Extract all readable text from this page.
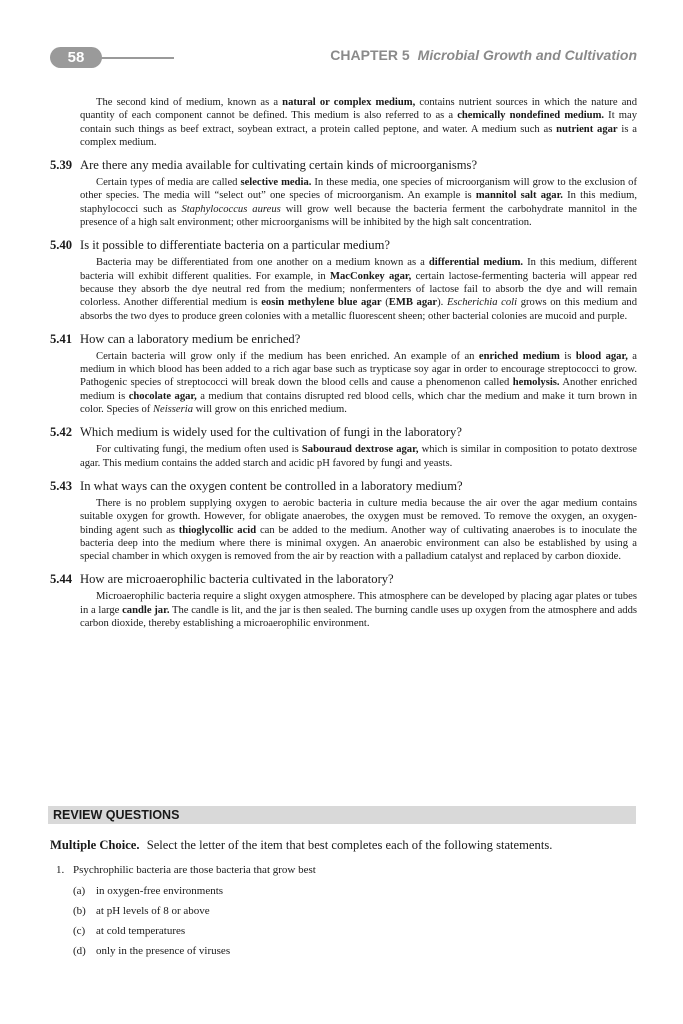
58	CHAPTER 5 Microbial Growth and Cultivation

The second kind of medium, known as a natural or complex medium, contains nutrient sources in which the nature and quantity of each component cannot be defined. This medium is also referred to as a chemically nondefined medium. It may contain such things as beef extract, soybean extract, a protein called peptone, and water. A medium such as nutrient agar is a complex medium.

5.39 Are there any media available for cultivating certain kinds of microorganisms?

Certain types of media are called selective media. In these media, one species of microorganism will grow to the exclusion of other species. The media will “select out” one species of microorganism. An example is mannitol salt agar. In this medium, staphylococci such as Staphylococcus aureus will grow well because the bacteria ferment the carbohydrate mannitol in the presence of a high salt environment; other microorganisms will be inhibited by the high salt concentration.

5.40 Is it possible to differentiate bacteria on a particular medium?

Bacteria may be differentiated from one another on a medium known as a differential medium. In this medium, different bacteria will exhibit different qualities. For example, in MacConkey agar, certain lactose-fermenting bacteria will appear red because they absorb the dye neutral red from the medium; nonfermenters of lactose fail to absorb the dye and will remain colorless. Another differential medium is eosin methylene blue agar (EMB agar). Escherichia coli grows on this medium and absorbs the two dyes to produce green colonies with a metallic fluorescent sheen; other bacterial colonies are mucoid and purple.

5.41 How can a laboratory medium be enriched?

Certain bacteria will grow only if the medium has been enriched. An example of an enriched medium is blood agar, a medium in which blood has been added to a rich agar base such as trypticase soy agar in order to encourage streptococci to grow. Pathogenic species of streptococci will break down the blood cells and cause a phenomenon called hemolysis. Another enriched medium is chocolate agar, a medium that contains disrupted red blood cells, which char the medium and make it turn brown in color. Species of Neisseria will grow on this enriched medium.

5.42 Which medium is widely used for the cultivation of fungi in the laboratory?

For cultivating fungi, the medium often used is Sabouraud dextrose agar, which is similar in composition to potato dextrose agar. This medium contains the added starch and acidic pH favored by fungi and yeasts.

5.43 In what ways can the oxygen content be controlled in a laboratory medium?

There is no problem supplying oxygen to aerobic bacteria in culture media because the air over the agar medium contains suitable oxygen for growth. However, for obligate anaerobes, the oxygen must be removed. To remove the oxygen, an oxygen-binding agent such as thioglycollic acid can be added to the medium. Another way of cultivating anaerobes is to inoculate the bacteria deep into the medium where there is minimal oxygen. An anaerobic environment can also be established by using a special chamber in which oxygen is removed from the air by reaction with a palladium catalyst and replaced by carbon dioxide.

5.44 How are microaerophilic bacteria cultivated in the laboratory?

Microaerophilic bacteria require a slight oxygen atmosphere. This atmosphere can be developed by placing agar plates or tubes in a large candle jar. The candle is lit, and the jar is then sealed. The burning candle uses up oxygen from the atmosphere and adds carbon dioxide, thereby establishing a microaerophilic environment.

REVIEW QUESTIONS
Multiple Choice. Select the letter of the item that best completes each of the following statements.
1. Psychrophilic bacteria are those bacteria that grow best
(a) in oxygen-free environments
(b) at pH levels of 8 or above
(c) at cold temperatures
(d) only in the presence of viruses
